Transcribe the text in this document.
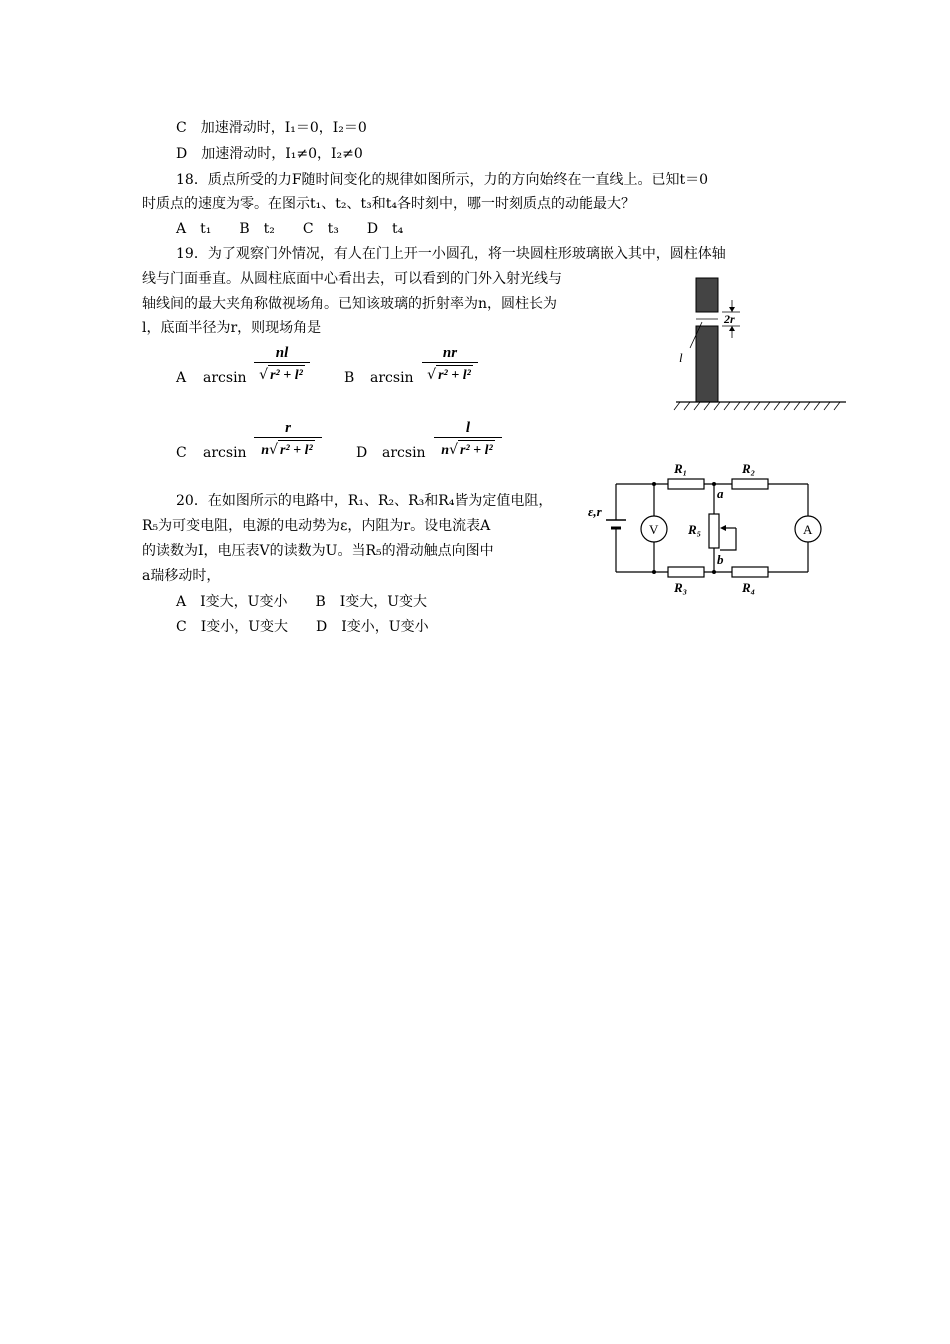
C　加速滑动时，I₁＝0，I₂＝0
D　加速滑动时，I₁≠0，I₂≠0
18．质点所受的力F随时间变化的规律如图所示，力的方向始终在一直线上。已知t＝0
时质点的速度为零。在图示t₁、t₂、t₃和t₄各时刻中，哪一时刻质点的动能最大？
A　t₁　　B　t₂　　C　t₃　　D　t₄
19．为了观察门外情况，有人在门上开一小圆孔，将一块圆柱形玻璃嵌入其中，圆柱体轴
线与门面垂直。从圆柱底面中心看出去，可以看到的门外入射光线与
轴线间的最大夹角称做视场角。已知该玻璃的折射率为n，圆柱长为
l，底面半径为r，则现场角是
A $\arcsin \frac{nl}{\text{√ r² + l²}}$ B $\arcsin \frac{nr}{\text{√ r² + l²}}$
C $\arcsin \frac{r}{\text{n√ r² + l²}}$ D $\arcsin \frac{l}{\text{n√ r² + l²}}$
l
2r
20．在如图所示的电路中，R₁、R₂、R₃和R₄皆为定值电阻，
R₅为可变电阻，电源的电动势为ε，内阻为r。设电流表A
的读数为I，电压表V的读数为U。当R₅的滑动触点向图中
a瑞移动时，
A　I变大，U变小　　B　I变大，U变大
C　I变小，U变大　　D　I变小，U变小
R₁	R₂
R₃	R₄
R₅
a
b
ε,r
V	A
